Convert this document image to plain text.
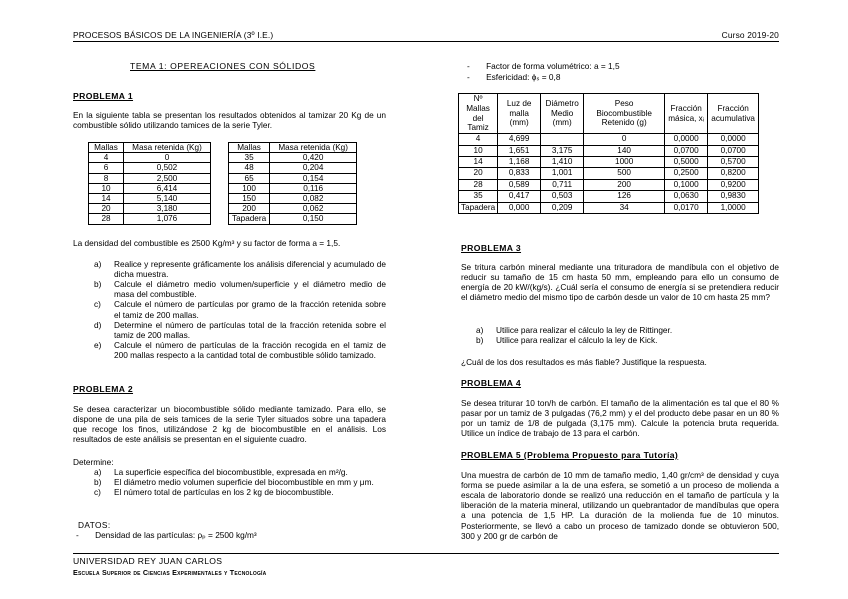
PROCESOS BÁSICOS DE LA INGENIERÍA (3º I.E.)	Curso 2019-20
TEMA 1: OPEREACIONES CON SÓLIDOS
PROBLEMA 1
En la siguiente tabla se presentan los resultados obtenidos al tamizar 20 Kg de un combustible sólido utilizando tamices de la serie Tyler.
Mallas	Masa retenida (Kg)
4	0
6	0,502
8	2,500
10	6,414
14	5,140
20	3,180
28	1,076
Mallas	Masa retenida (Kg)
35	0,420
48	0,204
65	0,154
100	0,116
150	0,082
200	0,062
Tapadera	0,150
La densidad del combustible es 2500 Kg/m³ y su factor de forma a = 1,5.
a) Realice y represente gráficamente los análisis diferencial y acumulado de dicha muestra.
b) Calcule el diámetro medio volumen/superficie y el diámetro medio de masa del combustible.
c) Calcule el número de partículas por gramo de la fracción retenida sobre el tamiz de 200 mallas.
d) Determine el número de partículas total de la fracción retenida sobre el tamiz de 200 mallas.
e) Calcule el número de partículas de la fracción recogida en el tamiz de 200 mallas respecto a la cantidad total de combustible sólido tamizado.
PROBLEMA 2
Se desea caracterizar un biocombustible sólido mediante tamizado. Para ello, se dispone de una pila de seis tamices de la serie Tyler situados sobre una tapadera que recoge los finos, utilizándose 2 kg de biocombustible en el análisis. Los resultados de este análisis se presentan en el siguiente cuadro.
Determine:
a) La superficie específica del biocombustible, expresada en m²/g.
b) El diámetro medio volumen superficie del biocombustible en mm y μm.
c) El número total de partículas en los 2 kg de biocombustible.
DATOS:
- Densidad de las partículas: ρₚ = 2500 kg/m³
- Factor de forma volumétrico: a = 1,5
- Esfericidad: ϕₛ = 0,8
Nº Mallas del Tamiz	Luz de malla (mm)	Diámetro Medio (mm)	Peso Biocombustible Retenido (g)	Fracción másica, xᵢ	Fracción acumulativa
4	4,699		0	0,0000	0,0000
10	1,651	3,175	140	0,0700	0,0700
14	1,168	1,410	1000	0,5000	0,5700
20	0,833	1,001	500	0,2500	0,8200
28	0,589	0,711	200	0,1000	0,9200
35	0,417	0,503	126	0,0630	0,9830
Tapadera	0,000	0,209	34	0,0170	1,0000
PROBLEMA 3
Se tritura carbón mineral mediante una trituradora de mandíbula con el objetivo de reducir su tamaño de 15 cm hasta 50 mm, empleando para ello un consumo de energía de 20 kW/(kg/s). ¿Cuál sería el consumo de energía si se pretendiera reducir el diámetro medio del mismo tipo de carbón desde un valor de 10 cm hasta 25 mm?
a) Utilice para realizar el cálculo la ley de Rittinger.
b) Utilice para realizar el cálculo la ley de Kick.
¿Cuál de los dos resultados es más fiable? Justifique la respuesta.
PROBLEMA 4
Se desea triturar 10 ton/h de carbón. El tamaño de la alimentación es tal que el 80 % pasar por un tamiz de 3 pulgadas (76,2 mm) y el del producto debe pasar en un 80 % por un tamiz de 1/8 de pulgada (3,175 mm). Calcule la potencia bruta requerida. Utilice un índice de trabajo de 13 para el carbón.
PROBLEMA 5 (Problema Propuesto para Tutoría)
Una muestra de carbón de 10 mm de tamaño medio, 1,40 gr/cm³ de densidad y cuya forma se puede asimilar a la de una esfera, se sometió a un proceso de molienda a escala de laboratorio donde se realizó una reducción en el tamaño de partícula y la liberación de la materia mineral, utilizando un quebrantador de mandíbulas que opera a una potencia de 1,5 HP. La duración de la molienda fue de 10 minutos. Posteriormente, se llevó a cabo un proceso de tamizado donde se obtuvieron 500, 300 y 200 gr de carbón de
UNIVERSIDAD REY JUAN CARLOS
Escuela Superior de Ciencias Experimentales y Tecnología
